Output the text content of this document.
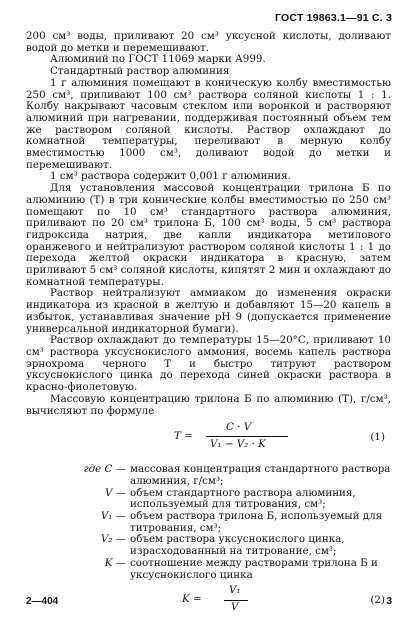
ГОСТ 19863.1—91 С. 3

200 см³ воды, приливают 20 см³ уксусной кислоты, доливают водой до метки и перемешивают.

Алюминий по ГОСТ 11069 марки А999.

Стандартный раствор алюминия

1 г алюминия помещают в коническую колбу вместимостью 250 см³, приливают 100 см³ раствора соляной кислоты 1 : 1. Колбу накрывают часовым стеклом или воронкой и растворяют алюминий при нагревании, поддерживая постоянный объем тем же раствором соляной кислоты. Раствор охлаждают до комнатной температуры, переливают в мерную колбу вместимостью 1000 см³, доливают водой до метки и перемешивают.

1 см³ раствора содержит 0,001 г алюминия.

Для установления массовой концентрации трилона Б по алюминию (T) в три конические колбы вместимостью по 250 см³ помещают по 10 см³ стандартного раствора алюминия, приливают по 20 см³ трилона Б, 100 см³ воды, 5 см³ раствора гидроксида натрия, две капли индикатора метилового оранжевого и нейтрализуют раствором соляной кислоты 1 : 1 до перехода желтой окраски индикатора в красную, затем приливают 5 см³ соляной кислоты, кипятят 2 мин и охлаждают до комнатной температуры.

Раствор нейтрализуют аммиаком до изменения окраски индикатора из красной в желтую и добавляют 15—20 капель в избыток, устанавливая значение pH 9 (допускается применение универсальной индикаторной бумаги).

Раствор охлаждают до температуры 15—20°С, приливают 10 см³ раствора уксуснокислого аммония, восемь капель раствора эрнохрома черного T и быстро титруют раствором уксуснокислого цинка до перехода синей окраски раствора в красно-фиолетовую.

Массовую концентрацию трилона Б по алюминию (T), г/см³, вычисляют по формуле

T =
C · V
V₁ − V₂ · K
(1)
где C — массовая концентрация стандартного раствора алюминия, г/см³;
V — объем стандартного раствора алюминия, используемый для титрования, см³;
V₁ — объем раствора трилона Б, используемый для титрования, см³;
V₂ — объем раствора уксуснокислого цинка, израсходованный на титрование, см³;
K — соотношение между растворами трилона Б и уксуснокислого цинка
K =
V₁
V
(2)
2—404	3
